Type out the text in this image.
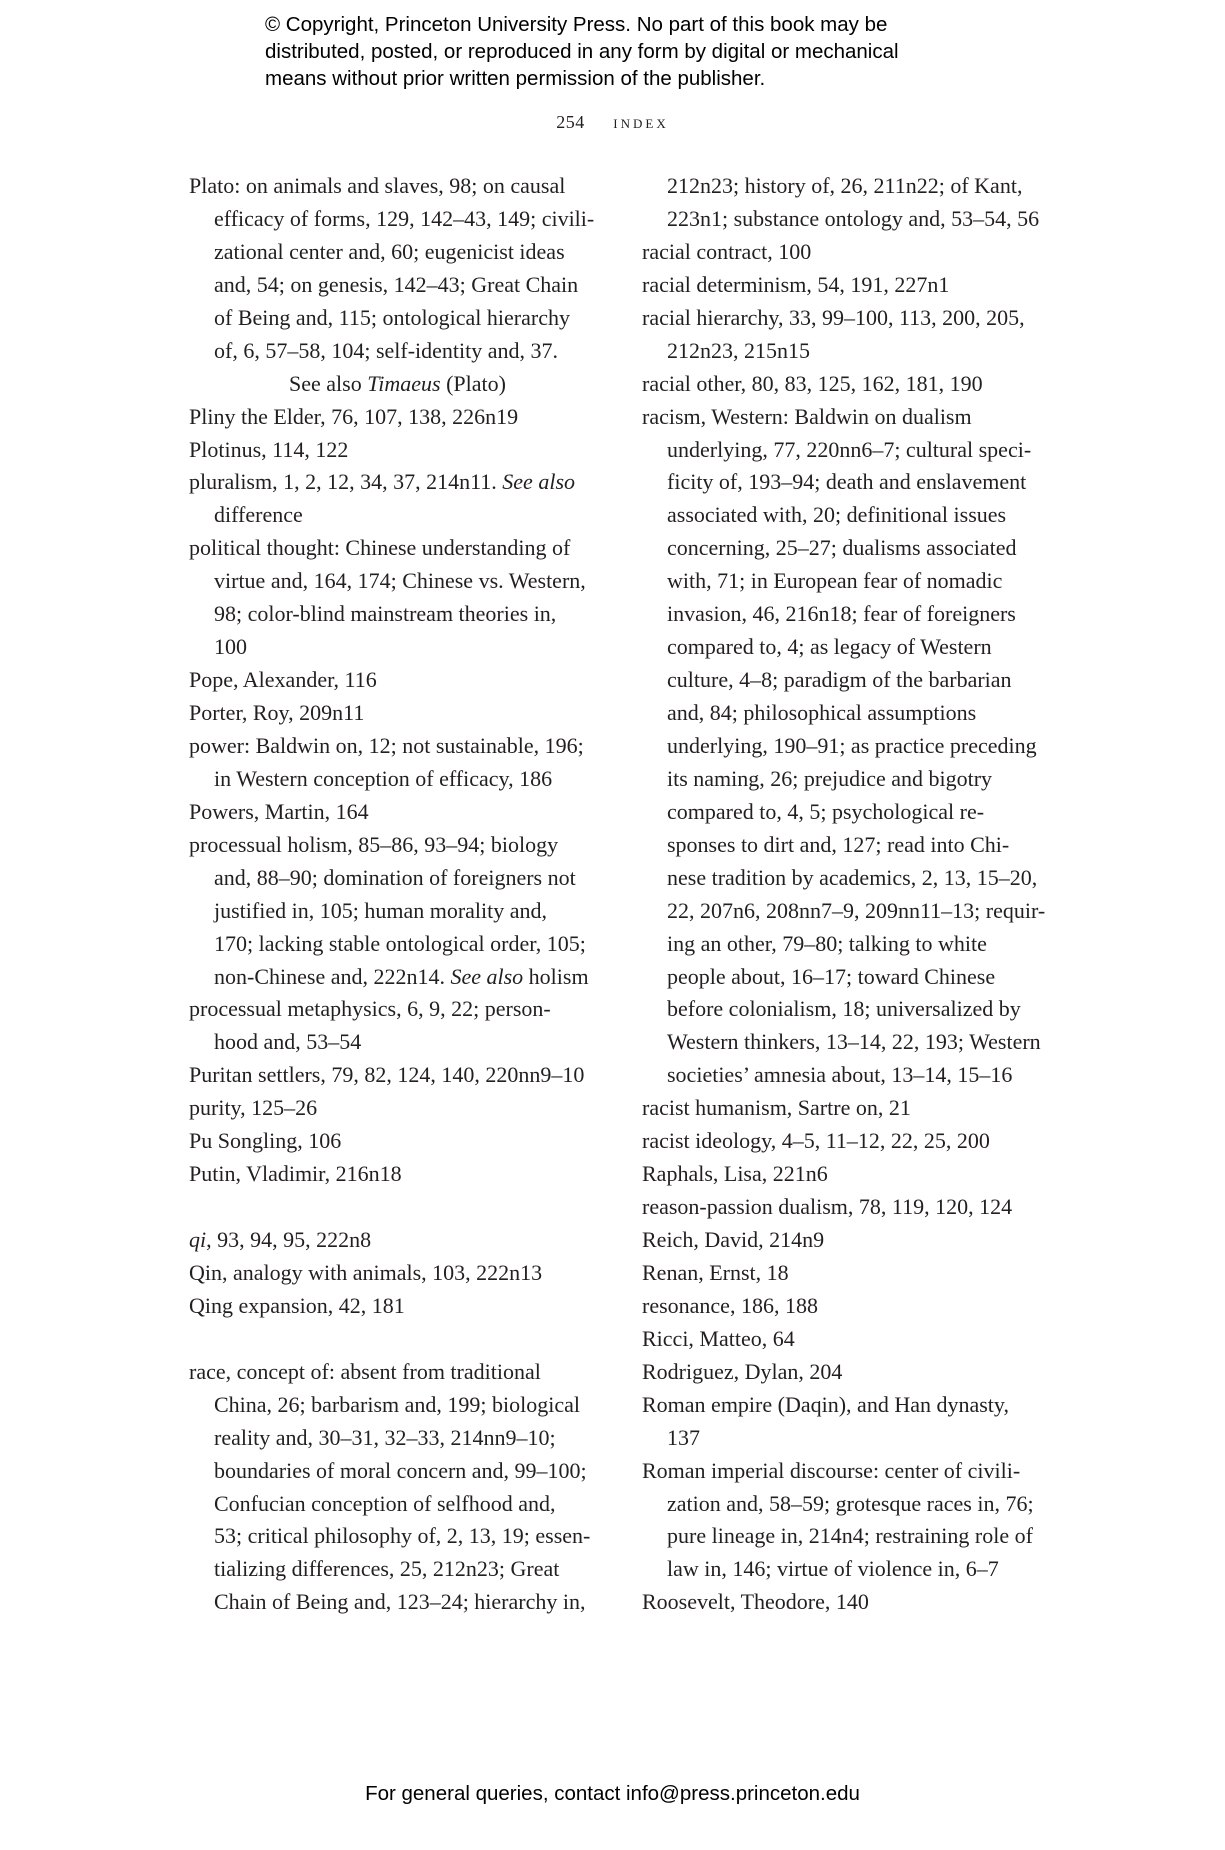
© Copyright, Princeton University Press. No part of this book may be
distributed, posted, or reproduced in any form by digital or mechanical
means without prior written permission of the publisher.
254 index
Plato: on animals and slaves, 98; on causal
efficacy of forms, 129, 142–43, 149; civili-
zational center and, 60; eugenicist ideas
and, 54; on genesis, 142–43; Great Chain
of Being and, 115; ontological hierarchy
of, 6, 57–58, 104; self-identity and, 37.
See also Timaeus (Plato)
Pliny the Elder, 76, 107, 138, 226n19
Plotinus, 114, 122
pluralism, 1, 2, 12, 34, 37, 214n11. See also
difference
political thought: Chinese understanding of
virtue and, 164, 174; Chinese vs. Western,
98; color-blind mainstream theories in,
100
Pope, Alexander, 116
Porter, Roy, 209n11
power: Baldwin on, 12; not sustainable, 196;
in Western conception of efficacy, 186
Powers, Martin, 164
processual holism, 85–86, 93–94; biology
and, 88–90; domination of foreigners not
justified in, 105; human morality and,
170; lacking stable ontological order, 105;
non-Chinese and, 222n14. See also holism
processual metaphysics, 6, 9, 22; person-
hood and, 53–54
Puritan settlers, 79, 82, 124, 140, 220nn9–10
purity, 125–26
Pu Songling, 106
Putin, Vladimir, 216n18
qi, 93, 94, 95, 222n8
Qin, analogy with animals, 103, 222n13
Qing expansion, 42, 181
race, concept of: absent from traditional
China, 26; barbarism and, 199; biological
reality and, 30–31, 32–33, 214nn9–10;
boundaries of moral concern and, 99–100;
Confucian conception of selfhood and,
53; critical philosophy of, 2, 13, 19; essen-
tializing differences, 25, 212n23; Great
Chain of Being and, 123–24; hierarchy in,
212n23; history of, 26, 211n22; of Kant,
223n1; substance ontology and, 53–54, 56
racial contract, 100
racial determinism, 54, 191, 227n1
racial hierarchy, 33, 99–100, 113, 200, 205,
212n23, 215n15
racial other, 80, 83, 125, 162, 181, 190
racism, Western: Baldwin on dualism
underlying, 77, 220nn6–7; cultural speci-
ficity of, 193–94; death and enslavement
associated with, 20; definitional issues
concerning, 25–27; dualisms associated
with, 71; in European fear of nomadic
invasion, 46, 216n18; fear of foreigners
compared to, 4; as legacy of Western
culture, 4–8; paradigm of the barbarian
and, 84; philosophical assumptions
underlying, 190–91; as practice preceding
its naming, 26; prejudice and bigotry
compared to, 4, 5; psychological re-
sponses to dirt and, 127; read into Chi-
nese tradition by academics, 2, 13, 15–20,
22, 207n6, 208nn7–9, 209nn11–13; requir-
ing an other, 79–80; talking to white
people about, 16–17; toward Chinese
before colonialism, 18; universalized by
Western thinkers, 13–14, 22, 193; Western
societies’ amnesia about, 13–14, 15–16
racist humanism, Sartre on, 21
racist ideology, 4–5, 11–12, 22, 25, 200
Raphals, Lisa, 221n6
reason-passion dualism, 78, 119, 120, 124
Reich, David, 214n9
Renan, Ernst, 18
resonance, 186, 188
Ricci, Matteo, 64
Rodriguez, Dylan, 204
Roman empire (Daqin), and Han dynasty,
137
Roman imperial discourse: center of civili-
zation and, 58–59; grotesque races in, 76;
pure lineage in, 214n4; restraining role of
law in, 146; virtue of violence in, 6–7
Roosevelt, Theodore, 140
For general queries, contact info@press.princeton.edu
